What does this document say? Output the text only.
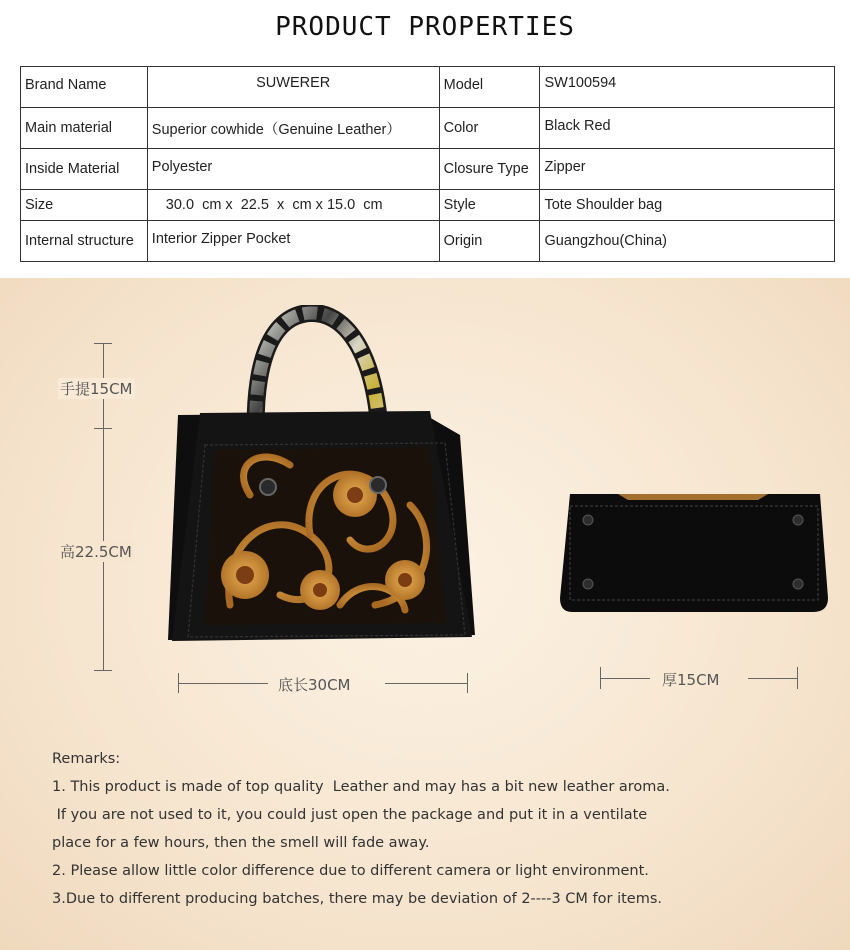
PRODUCT PROPERTIES
Brand Name	SUWERER	Model	SW100594
Main material	Superior cowhide（Genuine Leather）	Color	Black Red
Inside Material	Polyester	Closure Type	Zipper
Size	30.0  cm x  22.5  x  cm x 15.0  cm	Style	Tote Shoulder bag
Internal structure	Interior Zipper Pocket	Origin	Guangzhou(China)
手提15CM
高22.5CM
底长30CM	厚15CM
Remarks:
1. This product is made of top quality  Leather and may has a bit new leather aroma.
If you are not used to it, you could just open the package and put it in a ventilate
place for a few hours, then the smell will fade away.
2. Please allow little color difference due to different camera or light environment.
3.Due to different producing batches, there may be deviation of 2----3 CM for items.
